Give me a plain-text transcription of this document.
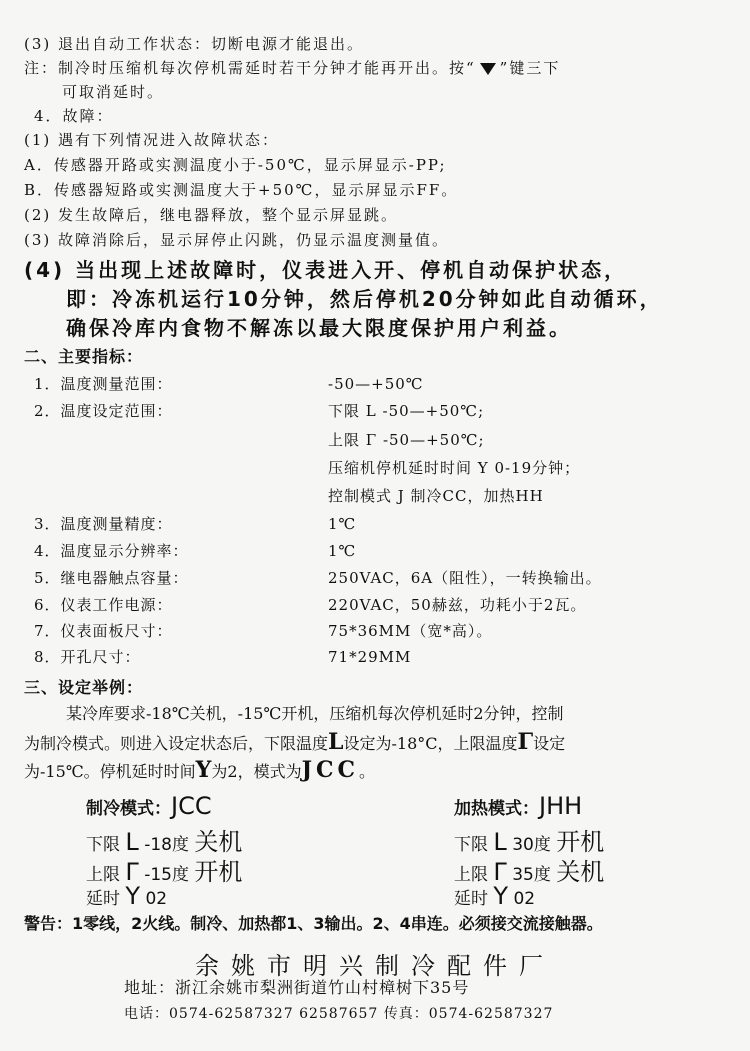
(3) 退出自动工作状态：切断电源才能退出。
注：制冷时压缩机每次停机需延时若干分钟才能再开出。按“ ”键三下
可取消延时。
4．故障：
(1) 遇有下列情况进入故障状态：
A．传感器开路或实测温度小于-50℃，显示屏显示-PP;
B．传感器短路或实测温度大于+50℃，显示屏显示FF。
(2) 发生故障后，继电器释放，整个显示屏显跳。
(3) 故障消除后，显示屏停止闪跳，仍显示温度测量值。
(4) 当出现上述故障时，仪表进入开、停机自动保护状态，
即：冷冻机运行10分钟，然后停机20分钟如此自动循环，
确保冷库内食物不解冻以最大限度保护用户利益。
二、主要指标：
1．温度测量范围：	-50—+50℃
2．温度设定范围：	下限 L -50—+50℃;
上限 Γ -50—+50℃;
压缩机停机延时时间 Y 0-19分钟；
控制模式 J 制冷CC，加热HH
3．温度测量精度：	1℃
4．温度显示分辨率：	1℃
5．继电器触点容量：	250VAC，6A（阻性），一转换输出。
6．仪表工作电源：	220VAC，50赫兹，功耗小于2瓦。
7．仪表面板尺寸：	75*36MM（宽*高）。
8．开孔尺寸：	71*29MM
三、设定举例：
某冷库要求-18℃关机，-15℃开机，压缩机每次停机延时2分钟，控制
为制冷模式。则进入设定状态后，下限温度L设定为-18°C，上限温度Γ设定
为-15℃。停机延时时间Y为2，模式为JCC。
制冷模式：JCC
下限 L -18度 关机
上限 Γ -15度 开机
延时 Y 02
加热模式：JHH
下限 L 30度 开机
上限 Γ 35度 关机
延时 Y 02
警告：1零线，2火线。制冷、加热都1、3输出。2、4串连。必须接交流接触器。
余姚市明兴制冷配件厂
地址：浙江余姚市梨洲街道竹山村樟树下35号
电话：0574-62587327 62587657 传真：0574-62587327
